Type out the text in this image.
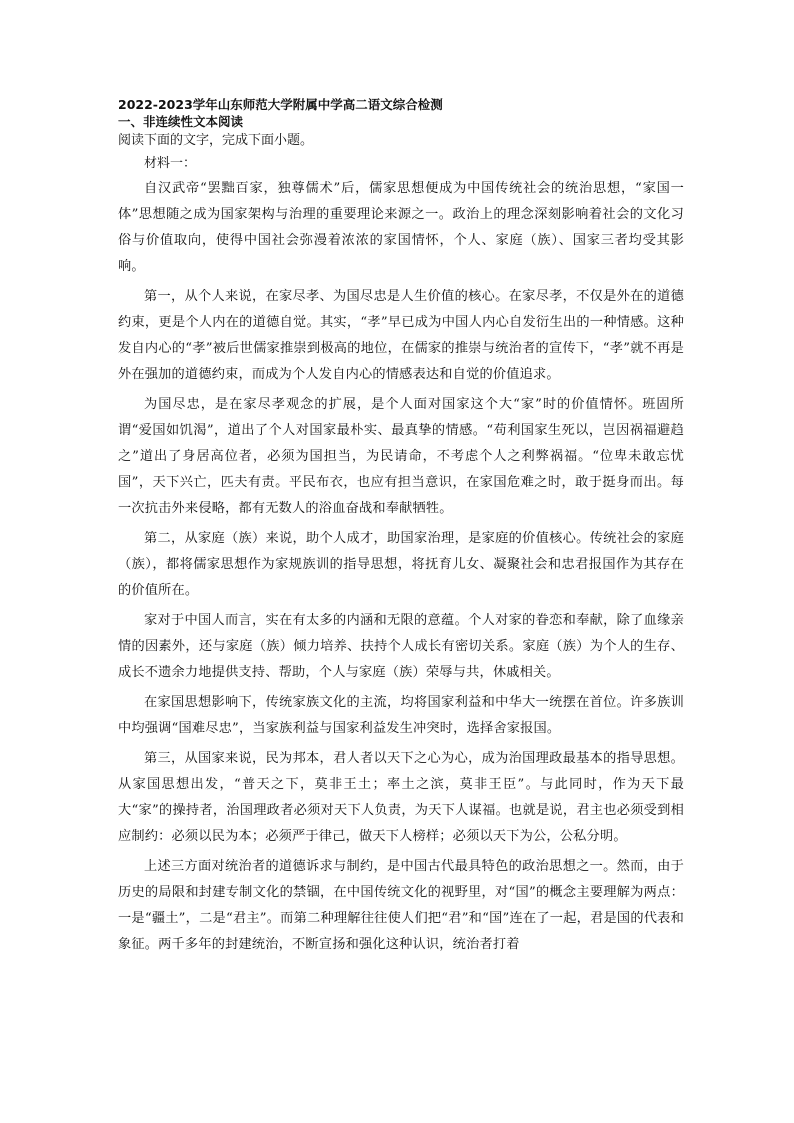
2022-2023学年山东师范大学附属中学高二语文综合检测
一、非连续性文本阅读
阅读下面的文字，完成下面小题。
材料一：

自汉武帝“罢黜百家，独尊儒术”后，儒家思想便成为中国传统社会的统治思想，“家国一体”思想随之成为国家架构与治理的重要理论来源之一。政治上的理念深刻影响着社会的文化习俗与价值取向，使得中国社会弥漫着浓浓的家国情怀，个人、家庭（族）、国家三者均受其影响。

第一，从个人来说，在家尽孝、为国尽忠是人生价值的核心。在家尽孝，不仅是外在的道德约束，更是个人内在的道德自觉。其实，“孝”早已成为中国人内心自发衍生出的一种情感。这种发自内心的“孝”被后世儒家推崇到极高的地位，在儒家的推崇与统治者的宣传下，“孝”就不再是外在强加的道德约束，而成为个人发自内心的情感表达和自觉的价值追求。

为国尽忠，是在家尽孝观念的扩展，是个人面对国家这个大“家”时的价值情怀。班固所谓“爱国如饥渴”，道出了个人对国家最朴实、最真挚的情感。“苟利国家生死以，岂因祸福避趋之”道出了身居高位者，必须为国担当，为民请命，不考虑个人之利弊祸福。“位卑未敢忘忧国”，天下兴亡，匹夫有责。平民布衣，也应有担当意识，在家国危难之时，敢于挺身而出。每一次抗击外来侵略，都有无数人的浴血奋战和奉献牺牲。

第二，从家庭（族）来说，助个人成才，助国家治理，是家庭的价值核心。传统社会的家庭（族），都将儒家思想作为家规族训的指导思想，将抚育儿女、凝聚社会和忠君报国作为其存在的价值所在。

家对于中国人而言，实在有太多的内涵和无限的意蕴。个人对家的眷恋和奉献，除了血缘亲情的因素外，还与家庭（族）倾力培养、扶持个人成长有密切关系。家庭（族）为个人的生存、成长不遗余力地提供支持、帮助，个人与家庭（族）荣辱与共，休戚相关。

在家国思想影响下，传统家族文化的主流，均将国家利益和中华大一统摆在首位。许多族训中均强调“国难尽忠”，当家族利益与国家利益发生冲突时，选择舍家报国。

第三，从国家来说，民为邦本，君人者以天下之心为心，成为治国理政最基本的指导思想。从家国思想出发，“普天之下，莫非王土；率土之滨，莫非王臣”。与此同时，作为天下最大“家”的操持者，治国理政者必须对天下人负责，为天下人谋福。也就是说，君主也必须受到相应制约：必须以民为本；必须严于律己，做天下人榜样；必须以天下为公，公私分明。

上述三方面对统治者的道德诉求与制约，是中国古代最具特色的政治思想之一。然而，由于历史的局限和封建专制文化的禁锢，在中国传统文化的视野里，对“国”的概念主要理解为两点：一是“疆土”，二是“君主”。而第二种理解往往使人们把“君”和“国”连在了一起，君是国的代表和象征。两千多年的封建统治，不断宣扬和强化这种认识，统治者打着
